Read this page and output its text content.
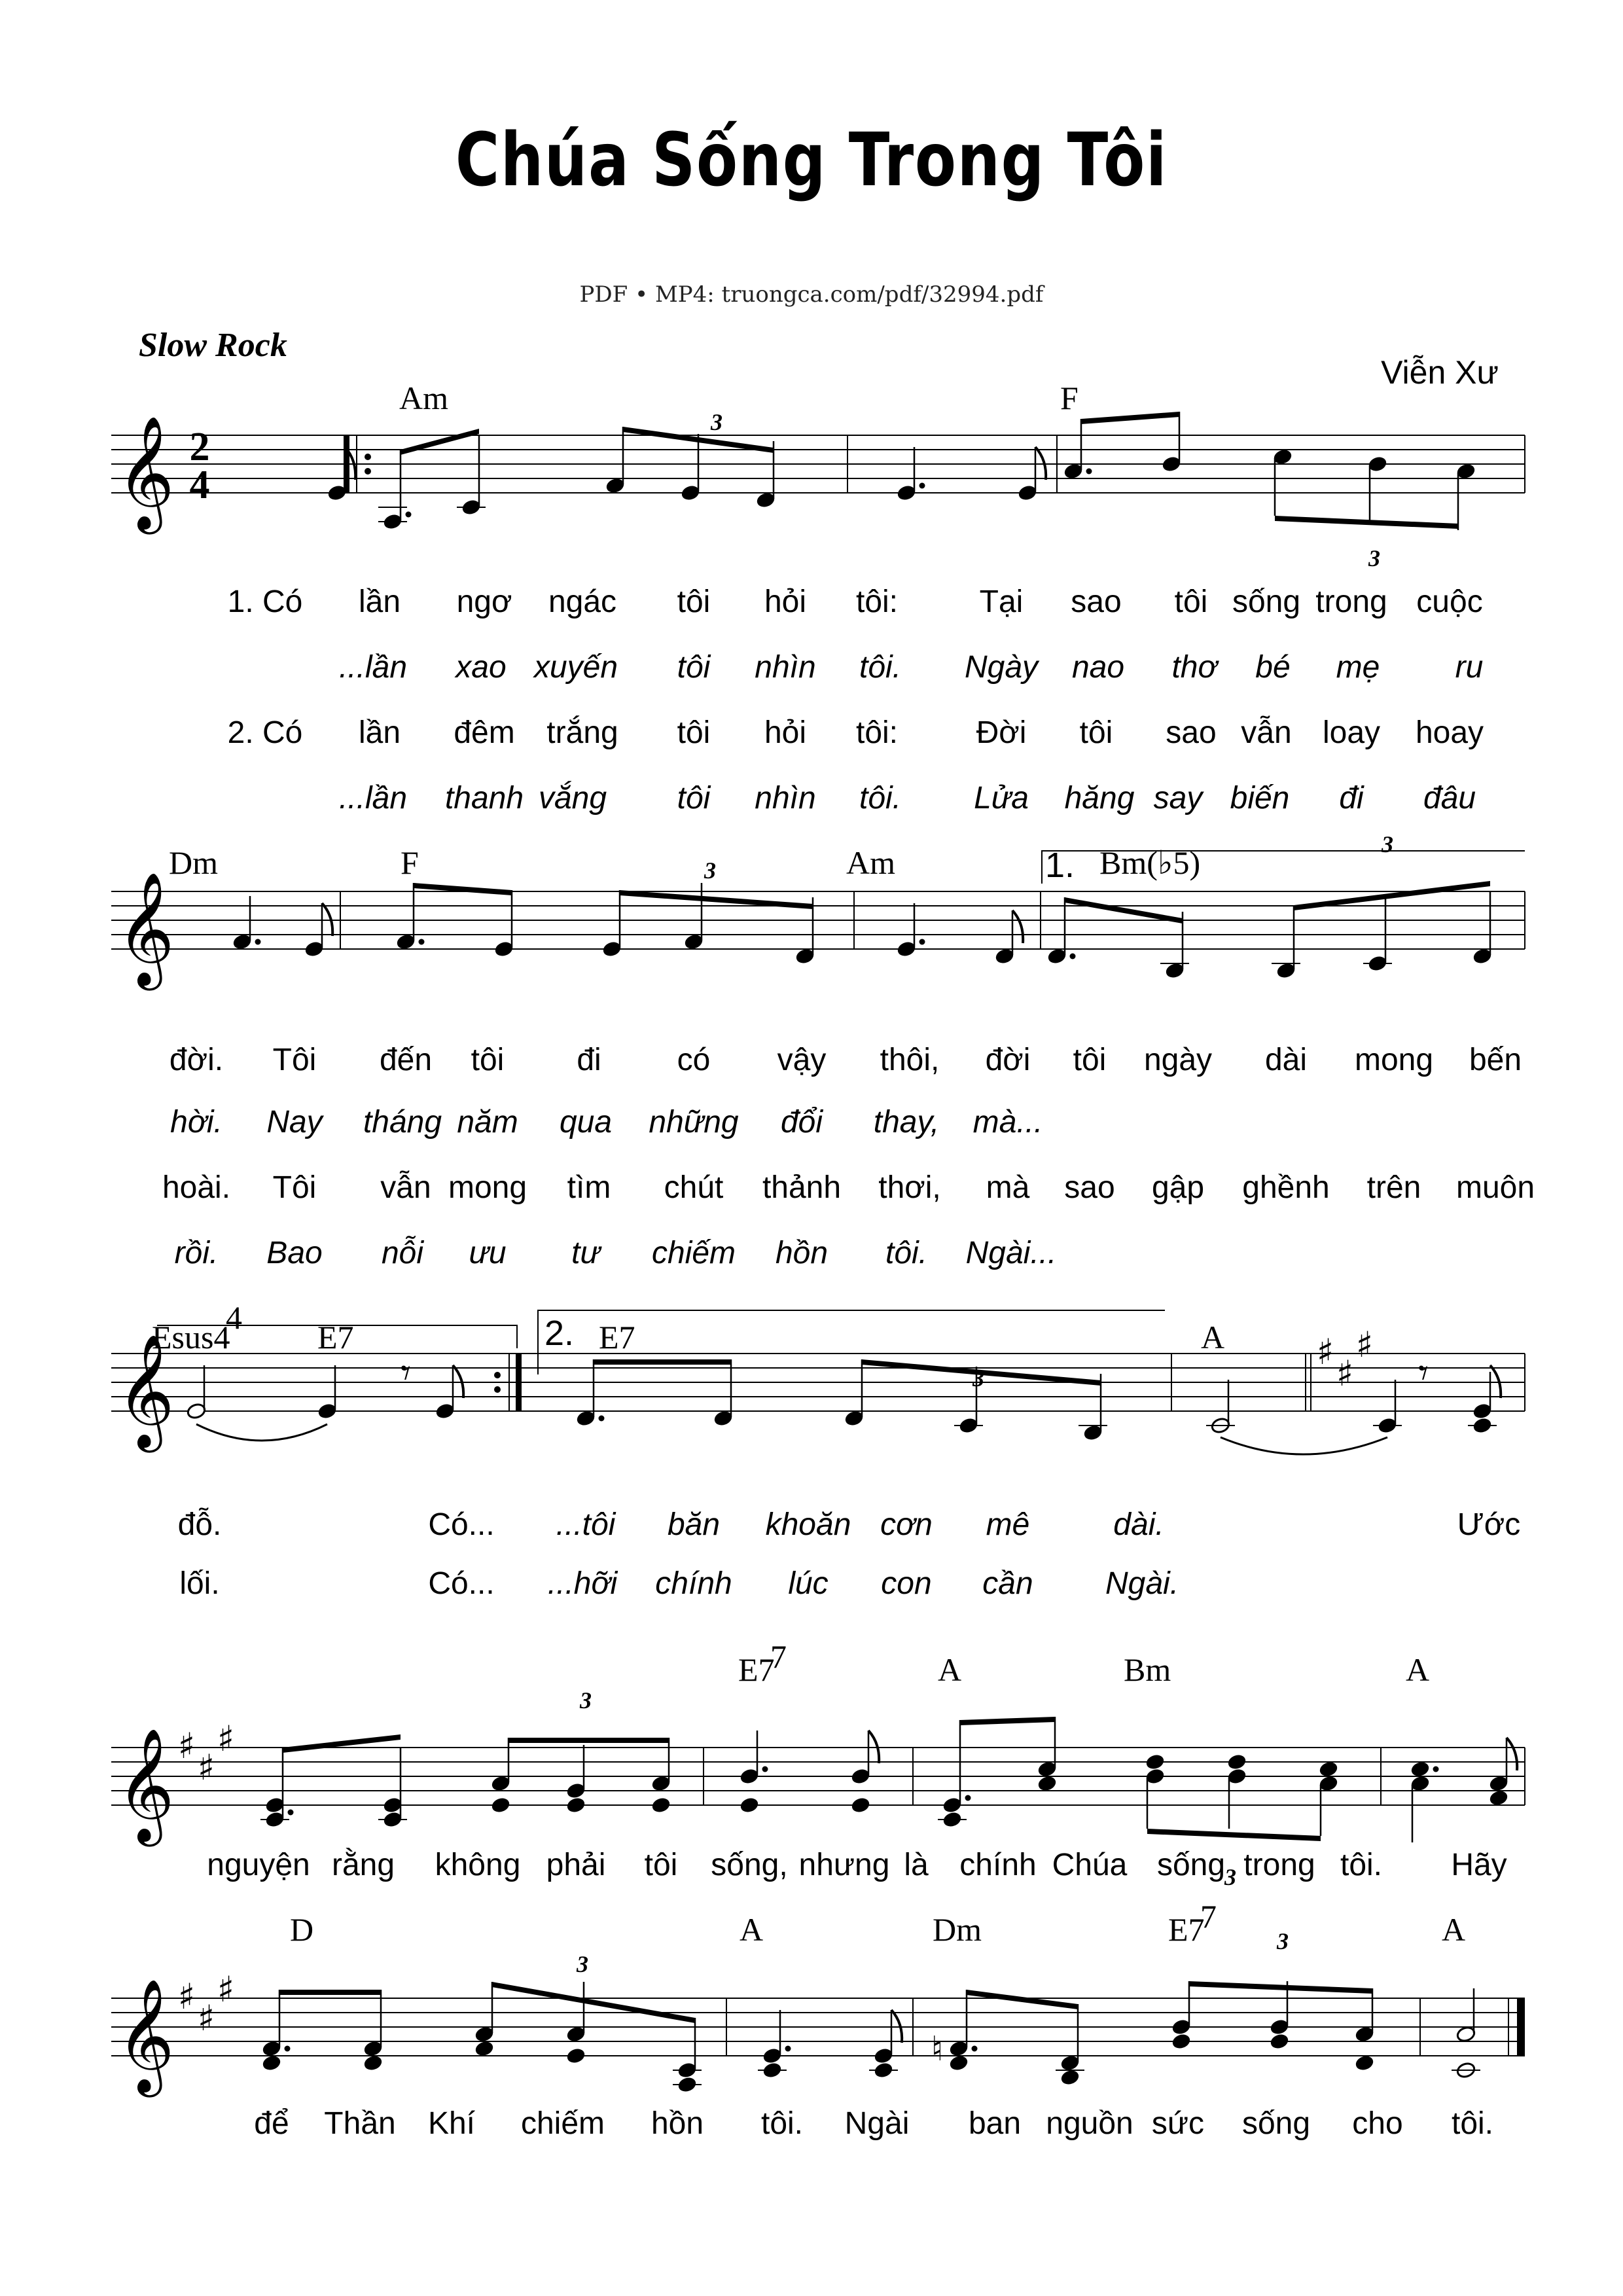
Chúa Sống Trong Tôi
PDF • MP4: truongca.com/pdf/32994.pdf
Slow Rock
Viễn Xư
𝄞 2
4
3
3
Am	F
𝄞
3
3
Dm	F	Am	1. Bm(♭5)
𝄞	𝄾
Esus4
4
E7	2. E7
3
A	♯
♯
♯
𝄾
𝄞 ♯
♯
♯
3
3
E7
7	A	Bm	A
𝄞 ♯
♯
♯
3
♮
3
D	A	Dm	E7
7	A
1. Có lần ngơ ngác tôi hỏi tôi:	Tại sao tôi sống trong cuộc
...lần xao xuyến tôi nhìn tôi. Ngày nao thơ bé mẹ ru
2. Có lần đêm trắng tôi hỏi tôi: Đời tôi sao vẫn loay hoay
...lần thanh vắng tôi nhìn tôi. Lửa hăng say biến đi đâu
đời. Tôi đến tôi đi có vậy thôi, đời tôi ngày dài mong bến
hời. Nay tháng năm qua những đổi thay, mà...
hoài. Tôi vẫn mong tìm chút thảnh thơi, mà sao gập ghềnh trên muôn
rồi. Bao nỗi ưu tư chiếm hồn tôi. Ngài...
đỗ.	Có... ...tôi băn khoăn cơn mê	dài.	Ước
lối.	Có... ...hỡi chính lúc con cần Ngài.
nguyện rằng không phải tôi sống, nhưng là chính Chúa sống trong tôi. Hãy
để Thần Khí chiếm hồn tôi. Ngài ban nguồn sức sống cho tôi.
